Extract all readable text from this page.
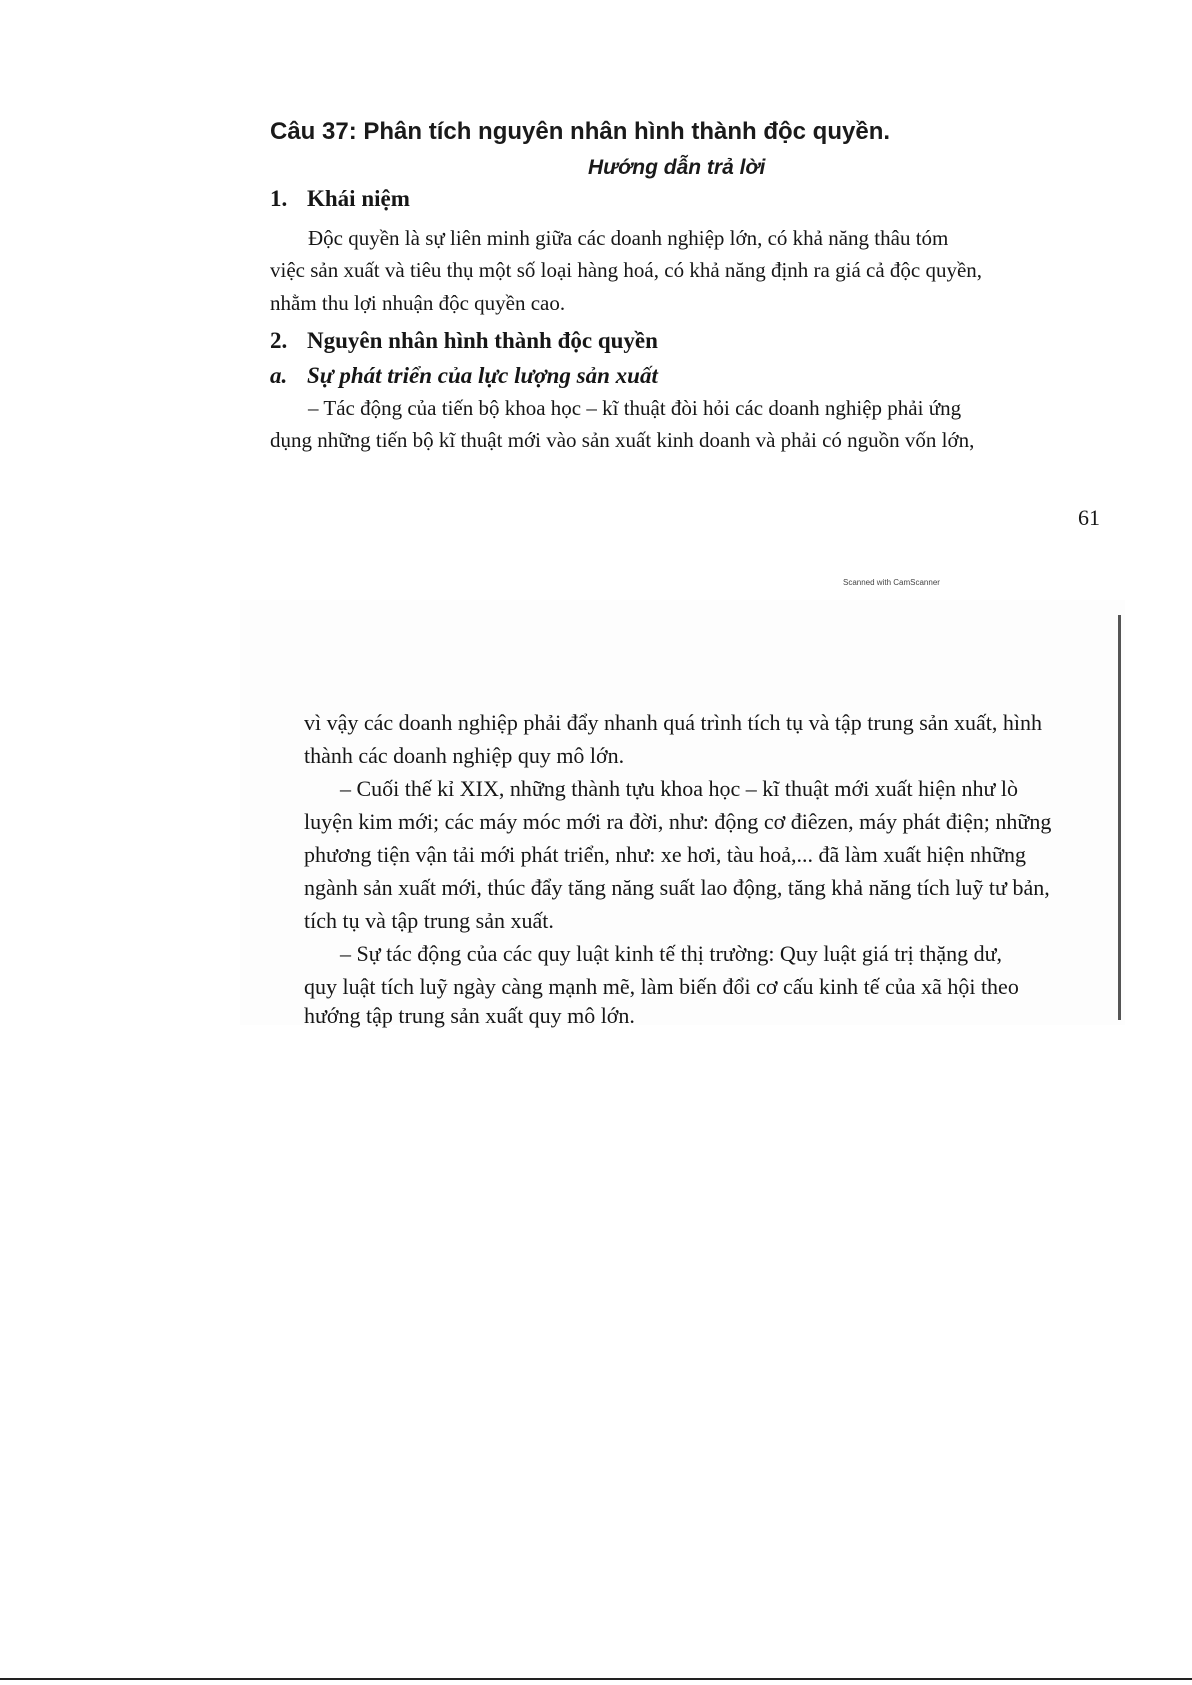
Câu 37: Phân tích nguyên nhân hình thành độc quyền.
Hướng dẫn trả lời
1. Khái niệm
Độc quyền là sự liên minh giữa các doanh nghiệp lớn, có khả năng thâu tóm
việc sản xuất và tiêu thụ một số loại hàng hoá, có khả năng định ra giá cả độc quyền,
nhằm thu lợi nhuận độc quyền cao.
2. Nguyên nhân hình thành độc quyền
a. Sự phát triển của lực lượng sản xuất
– Tác động của tiến bộ khoa học – kĩ thuật đòi hỏi các doanh nghiệp phải ứng
dụng những tiến bộ kĩ thuật mới vào sản xuất kinh doanh và phải có nguồn vốn lớn,
61
Scanned with CamScanner
vì vậy các doanh nghiệp phải đẩy nhanh quá trình tích tụ và tập trung sản xuất, hình
thành các doanh nghiệp quy mô lớn.
– Cuối thế kỉ XIX, những thành tựu khoa học – kĩ thuật mới xuất hiện như lò
luyện kim mới; các máy móc mới ra đời, như: động cơ điêzen, máy phát điện; những
phương tiện vận tải mới phát triển, như: xe hơi, tàu hoả,... đã làm xuất hiện những
ngành sản xuất mới, thúc đẩy tăng năng suất lao động, tăng khả năng tích luỹ tư bản,
tích tụ và tập trung sản xuất.
– Sự tác động của các quy luật kinh tế thị trường: Quy luật giá trị thặng dư,
quy luật tích luỹ ngày càng mạnh mẽ, làm biến đổi cơ cấu kinh tế của xã hội theo
hướng tập trung sản xuất quy mô lớn.
